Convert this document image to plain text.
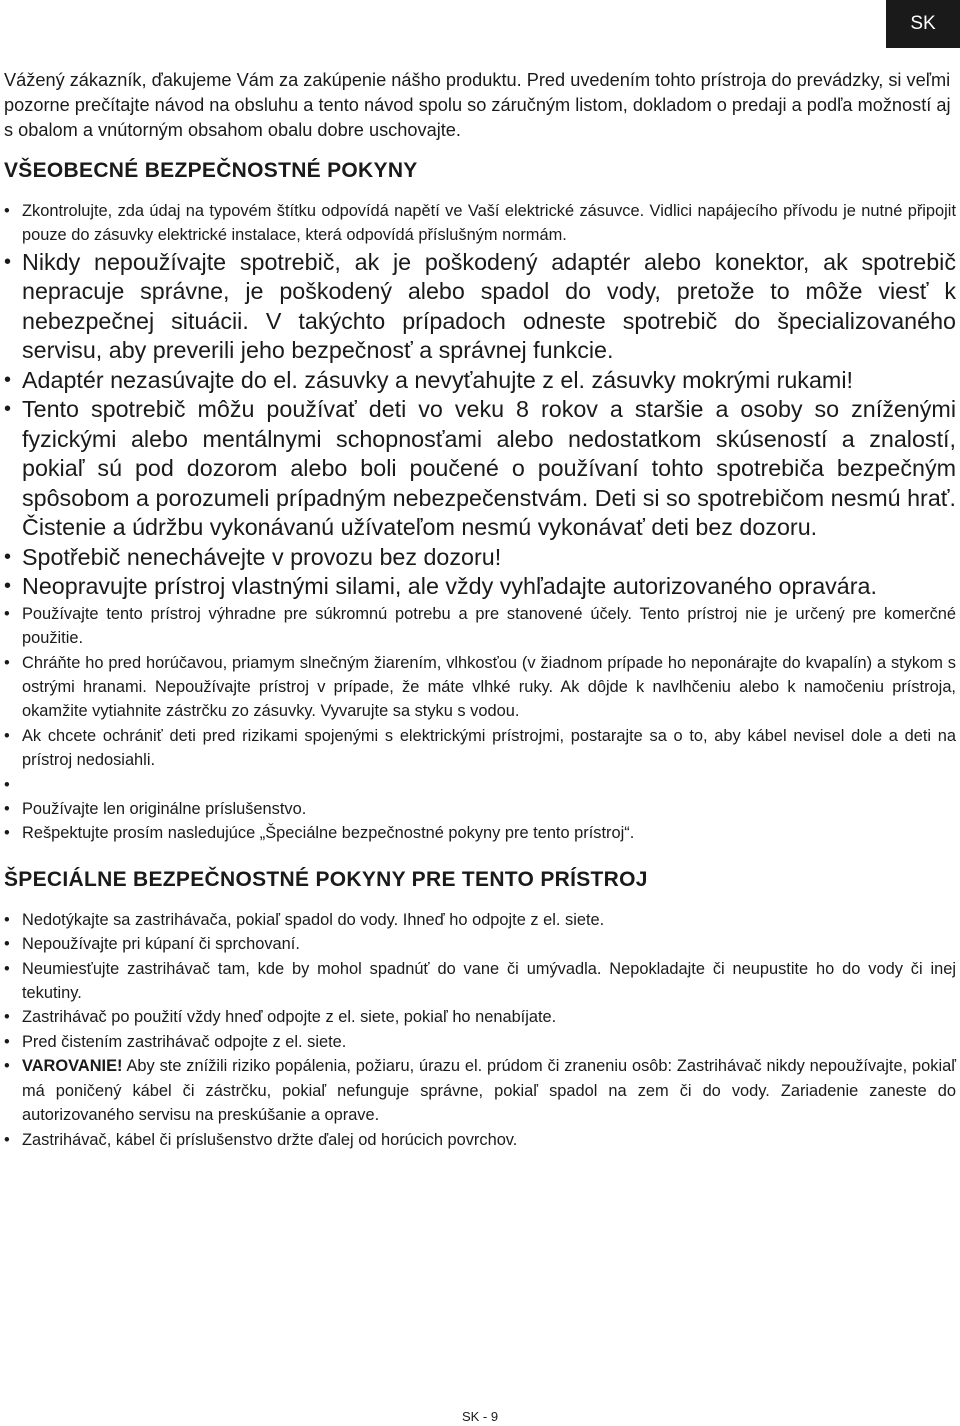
SK

Vážený zákazník, ďakujeme Vám za zakúpenie nášho produktu. Pred uvedením tohto prístroja do prevádzky, si veľmi pozorne prečítajte návod na obsluhu a tento návod spolu so záručným listom, dokladom o predaji a podľa možností aj s obalom a vnútorným obsahom obalu dobre uschovajte.

VŠEOBECNÉ BEZPEČNOSTNÉ POKYNY
• Zkontrolujte, zda údaj na typovém štítku odpovídá napětí ve Vaší elektrické zásuvce. Vidlici napájecího přívodu je nutné připojit pouze do zásuvky elektrické instalace, která odpovídá příslušným normám.
• Nikdy nepoužívajte spotrebič, ak je poškodený adaptér alebo konektor, ak spotrebič nepracuje správne, je poškodený alebo spadol do vody, pretože to môže viesť k nebezpečnej situácii. V takýchto prípadoch odneste spotrebič do špecializovaného servisu, aby preverili jeho bezpečnosť a správnej funkcie.
• Adaptér nezasúvajte do el. zásuvky a nevyťahujte z el. zásuvky mokrými rukami!
• Tento spotrebič môžu používať deti vo veku 8 rokov a staršie a osoby so zníženými fyzickými alebo mentálnymi schopnosťami alebo nedostatkom skúseností a znalostí, pokiaľ sú pod dozorom alebo boli poučené o používaní tohto spotrebiča bezpečným spôsobom a porozumeli prípadným nebezpečenstvám. Deti si so spotrebičom nesmú hrať. Čistenie a údržbu vykonávanú užívateľom nesmú vykonávať deti bez dozoru.
• Spotřebič nenechávejte v provozu bez dozoru!
• Neopravujte prístroj vlastnými silami, ale vždy vyhľadajte autorizovaného opravára.
• Používajte tento prístroj výhradne pre súkromnú potrebu a pre stanovené účely. Tento prístroj nie je určený pre komerčné použitie.
• Chráňte ho pred horúčavou, priamym slnečným žiarením, vlhkosťou (v žiadnom prípade ho neponárajte do kvapalín) a stykom s ostrými hranami. Nepoužívajte prístroj v prípade, že máte vlhké ruky. Ak dôjde k navlhčeniu alebo k namočeniu prístroja, okamžite vytiahnite zástrčku zo zásuvky. Vyvarujte sa styku s vodou.
• Ak chcete ochrániť deti pred rizikami spojenými s elektrickými prístrojmi, postarajte sa o to, aby kábel nevisel dole a deti na prístroj nedosiahli.
•
• Používajte len originálne príslušenstvo.
• Rešpektujte prosím nasledujúce „Špeciálne bezpečnostné pokyny pre tento prístroj“.
ŠPECIÁLNE BEZPEČNOSTNÉ POKYNY PRE TENTO PRÍSTROJ
• Nedotýkajte sa zastrihávača, pokiaľ spadol do vody. Ihneď ho odpojte z el. siete.
• Nepoužívajte pri kúpaní či sprchovaní.
• Neumiesťujte zastrihávač tam, kde by mohol spadnúť do vane či umývadla. Nepokladajte či neupustite ho do vody či inej tekutiny.
• Zastrihávač po použití vždy hneď odpojte z el. siete, pokiaľ ho nenabíjate.
• Pred čistením zastrihávač odpojte z el. siete.
• VAROVANIE! Aby ste znížili riziko popálenia, požiaru, úrazu el. prúdom či zraneniu osôb: Zastrihávač nikdy nepoužívajte, pokiaľ má poničený kábel či zástrčku, pokiaľ nefunguje správne, pokiaľ spadol na zem či do vody. Zariadenie zaneste do autorizovaného servisu na preskúšanie a oprave.
• Zastrihávač, kábel či príslušenstvo držte ďalej od horúcich povrchov.
SK - 9
